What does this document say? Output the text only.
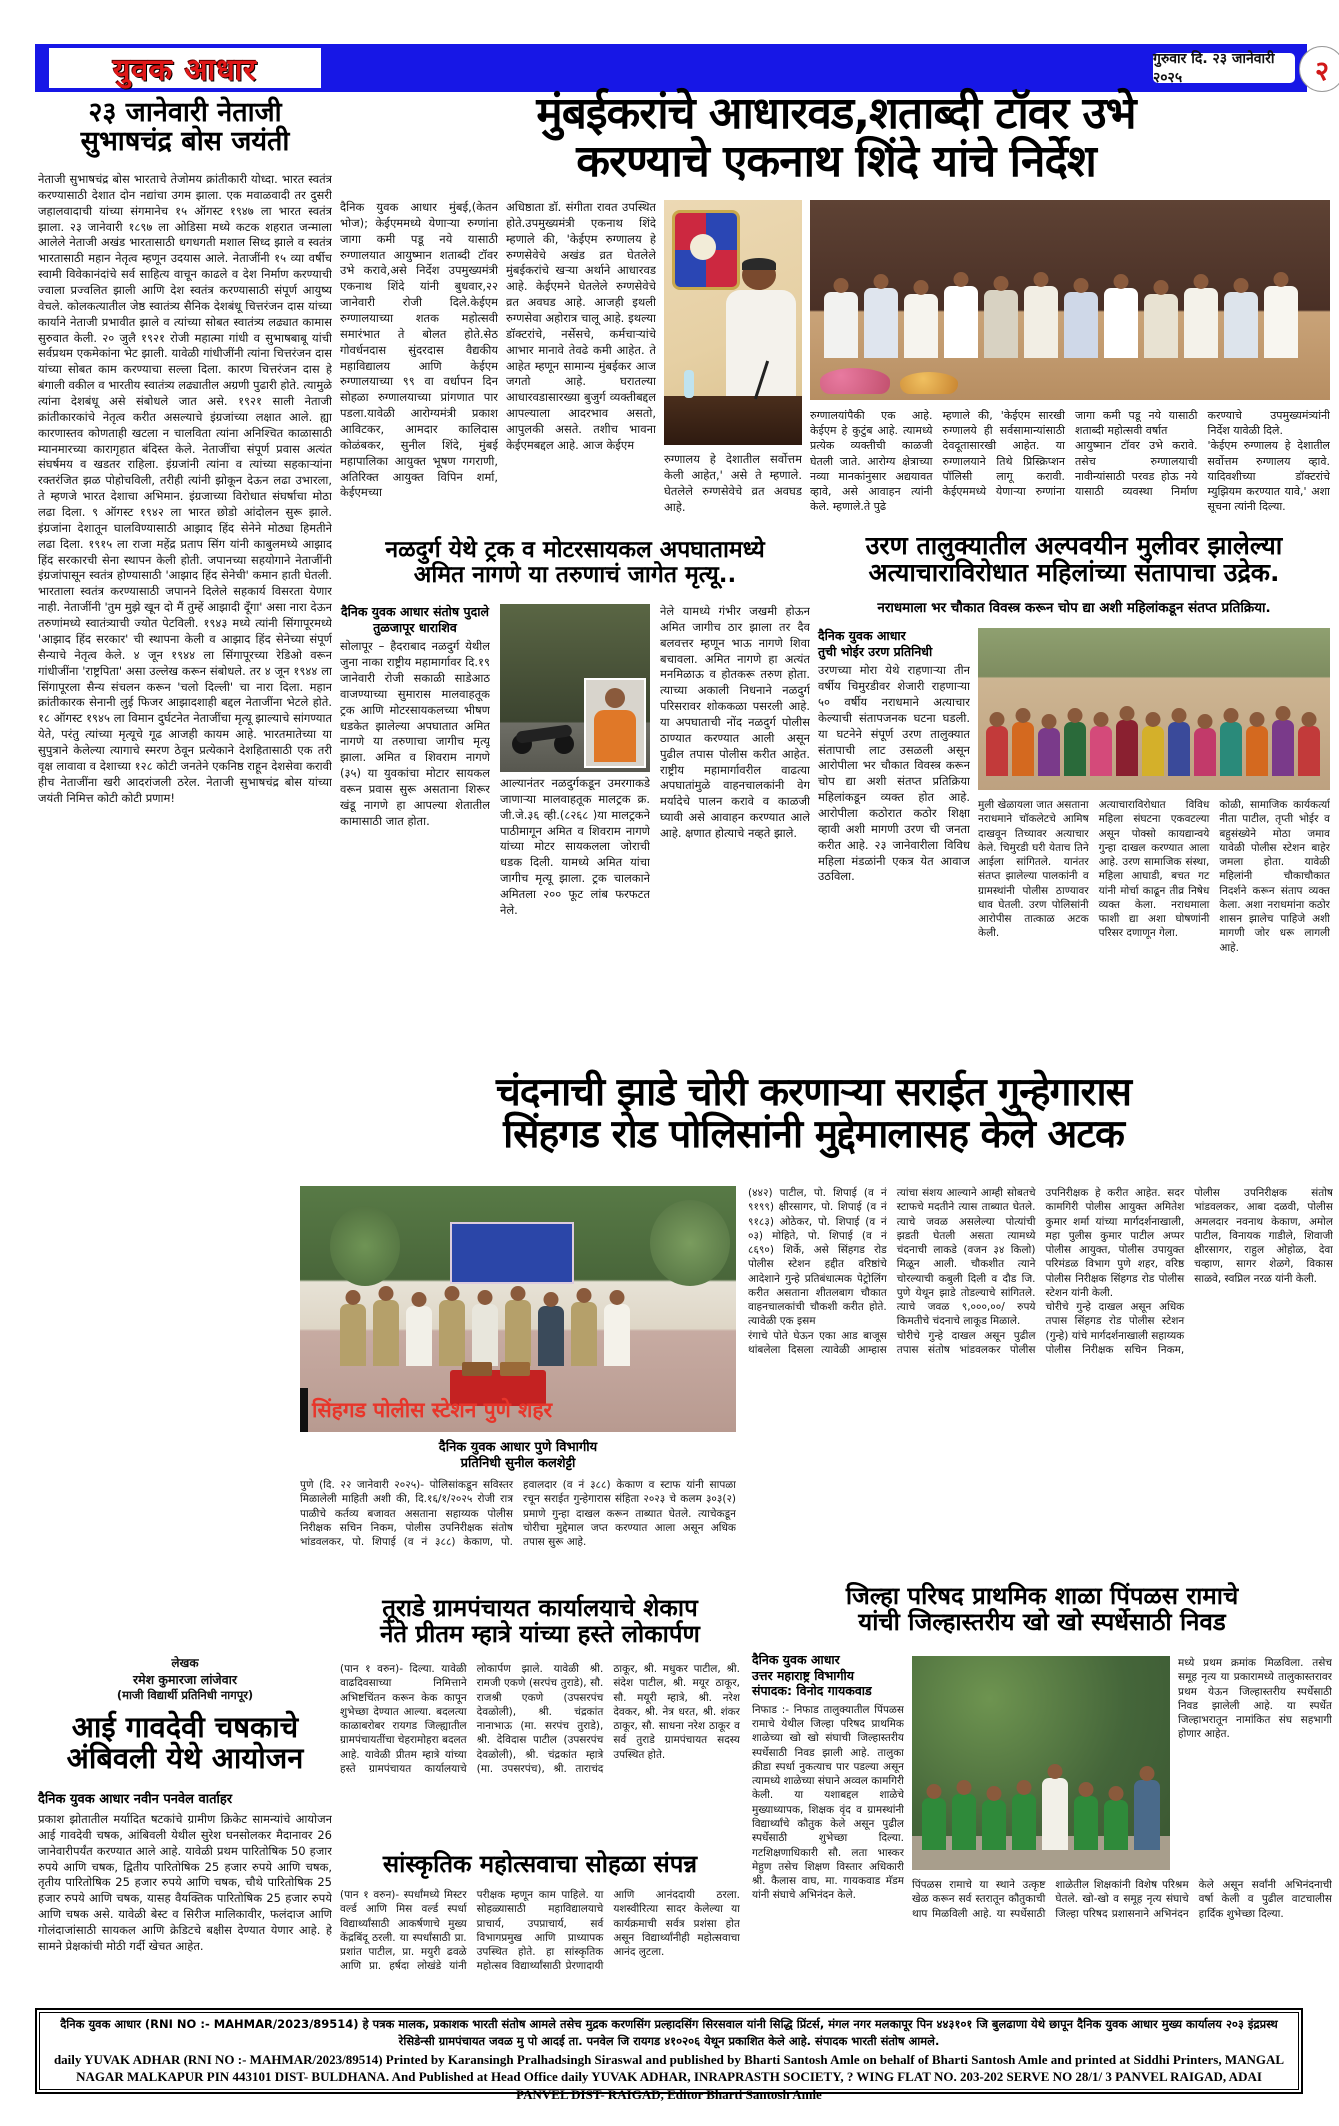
युवक आधार	गुरुवार दि. २३ जानेवारी २०२५	२
२३ जानेवारी नेताजी
सुभाषचंद्र बोस जयंती
नेताजी सुभाषचंद्र बोस भारताचे तेजोमय क्रांतीकारी योध्दा. भारत स्वतंत्र करण्यासाठी देशात दोन नद्यांचा उगम झाला. एक मवाळवादी तर दुसरी जहालवादाची यांच्या संगमानेच १५ ऑगस्ट १९४७ ला भारत स्वतंत्र झाला. २३ जानेवारी १८९७ ला ओडिसा मध्ये कटक शहरात जन्माला आलेले नेताजी अखंड भारतासाठी धगधगती मशाल सिध्द झाले व स्वतंत्र भारतासाठी महान नेतृत्व म्हणून उदयास आले. नेताजींनी १५ व्या वर्षीच स्वामी विवेकानंदांचे सर्व साहित्य वाचून काढले व देश निर्माण करण्याची ज्वाला प्रज्वलित झाली आणि देश स्वतंत्र करण्यासाठी संपूर्ण आयुष्य वेचले. कोलकत्यातील जेष्ठ स्वातंत्र्य सैनिक देशबंधू चित्तरंजन दास यांच्या कार्याने नेताजी प्रभावीत झाले व त्यांच्या सोबत स्वातंत्र्य लढ्यात कामास सुरुवात केली. २० जुलै १९२१ रोजी महात्मा गांधी व सुभाषबाबू यांची सर्वप्रथम एकमेकांना भेट झाली. यावेळी गांधीजींनी त्यांना चित्तरंजन दास यांच्या सोबत काम करण्याचा सल्ला दिला. कारण चित्तरंजन दास हे बंगाली वकील व भारतीय स्वातंत्र्य लढ्यातील अग्रणी पुढारी होते. त्यामुळे त्यांना देशबंधू असे संबोधले जात असे. १९२१ साली नेताजी क्रांतीकारकांचे नेतृत्व करीत असल्याचे इंग्रजांच्या लक्षात आले. ह्या कारणास्तव कोणताही खटला न चालविता त्यांना अनिश्चित काळासाठी म्यानमारच्या कारागृहात बंदिस्त केले. नेताजींचा संपूर्ण प्रवास अत्यंत संघर्षमय व खडतर राहिला. इंग्रजांनी त्यांना व त्यांच्या सहकाऱ्यांना रक्तरंजित झळ पोहोचविली, तरीही त्यांनी झोकून देऊन लढा उभारला, ते म्हणजे भारत देशाचा अभिमान. इंग्रजाच्या विरोधात संघर्षाचा मोठा लढा दिला. ९ ऑगस्ट १९४२ ला भारत छोडो आंदोलन सुरू झाले. इंग्रजांना देशातून घालविण्यासाठी आझाद हिंद सेनेने मोठ्या हिमतीने लढा दिला. १९१५ ला राजा महेंद्र प्रताप सिंग यांनी काबुलमध्ये आझाद हिंद सरकारची सेना स्थापन केली होती. जपानच्या सहयोगाने नेताजींनी इंग्रजांपासून स्वतंत्र होण्यासाठी 'आझाद हिंद सेनेची' कमान हाती घेतली. भारताला स्वतंत्र करण्यासाठी जपानने दिलेले सहकार्य विसरता येणार नाही. नेताजींनी 'तुम मुझे खून दो मैं तुम्हें आझादी दूँगा' असा नारा देऊन तरुणांमध्ये स्वातंत्र्याची ज्योत पेटविली. १९४३ मध्ये त्यांनी सिंगापूरमध्ये 'आझाद हिंद सरकार' ची स्थापना केली व आझाद हिंद सेनेच्या संपूर्ण सैन्याचे नेतृत्व केले. ४ जून १९४४ ला सिंगापूरच्या रेडिओ वरून गांधीजींना 'राष्ट्रपिता' असा उल्लेख करून संबोधले. तर ४ जून १९४४ ला सिंगापूरला सैन्य संचलन करून 'चलो दिल्ली' चा नारा दिला. महान क्रांतीकारक सेनानी लुई फिजर आझादशाही बद्दल नेताजींना भेटले होते. १८ ऑगस्ट १९४५ ला विमान दुर्घटनेत नेताजींचा मृत्यू झाल्याचे सांगण्यात येते, परंतु त्यांच्या मृत्यूचे गूढ आजही कायम आहे. भारतमातेच्या या सुपुत्राने केलेल्या त्यागाचे स्मरण ठेवून प्रत्येकाने देशहितासाठी एक तरी वृक्ष लावावा व देशाच्या १२८ कोटी जनतेने एकनिष्ठ राहून देशसेवा करावी हीच नेताजींना खरी आदरांजली ठरेल. नेताजी सुभाषचंद्र बोस यांच्या जयंती निमित्त कोटी कोटी प्रणाम!
लेखक
रमेश कुमारजा लांजेवार
(माजी विद्यार्थी प्रतिनिधी नागपूर)
आई गावदेवी चषकाचे
अंबिवली येथे आयोजन
दैनिक युवक आधार नवीन पनवेल वार्ताहर
प्रकाश झोतातील मर्यादित षटकांचे ग्रामीण क्रिकेट सामन्यांचे आयोजन आई गावदेवी चषक, आंबिवली येथील सुरेश घनसोलकर मैदानावर 26 जानेवारीपर्यंत करण्यात आले आहे. यावेळी प्रथम पारितोषिक 50 हजार रुपये आणि चषक, द्वितीय पारितोषिक 25 हजार रुपये आणि चषक, तृतीय पारितोषिक 25 हजार रुपये आणि चषक, चौथे पारितोषिक 25 हजार रुपये आणि चषक, यासह वैयक्तिक पारितोषिक 25 हजार रुपये आणि चषक असे. यावेळी बेस्ट व सिरीज मालिकावीर, फलंदाज आणि गोलंदाजांसाठी सायकल आणि क्रेडिटचे बक्षीस देण्यात येणार आहे. हे सामने प्रेक्षकांची मोठी गर्दी खेचत आहेत.
मुंबईकरांचे आधारवड,शताब्दी टॉवर उभे
करण्याचे एकनाथ शिंदे यांचे निर्देश
दैनिक युवक आधार मुंबई,(केतन भोज); केईएममध्ये येणाऱ्या रुग्णांना जागा कमी पडू नये यासाठी रुग्णालयात आयुष्मान शताब्दी टॉवर उभे करावे,असे निर्देश उपमुख्यमंत्री एकनाथ शिंदे यांनी बुधवार,२२ जानेवारी रोजी दिले.केईएम रुग्णालयाच्या शतक महोत्सवी समारंभात ते बोलत होते.सेठ गोवर्धनदास सुंदरदास वैद्यकीय महाविद्यालय आणि केईएम रुग्णालयाच्या ९९ वा वर्धापन दिन सोहळा रुग्णालयाच्या प्रांगणात पार पडला.यावेळी आरोग्यमंत्री प्रकाश आविटकर, आमदार कालिदास कोळंबकर, सुनील शिंदे, मुंबई महापालिका आयुक्त भूषण गगराणी, अतिरिक्त आयुक्त विपिन शर्मा, केईएमच्या
अधिष्ठाता डॉ. संगीता रावत उपस्थित होते.उपमुख्यमंत्री एकनाथ शिंदे म्हणाले की, 'केईएम रुग्णालय हे रुग्णसेवेचे अखंड व्रत घेतलेले मुंबईकरांचे खऱ्या अर्थाने आधारवड आहे. केईएमने घेतलेले रुग्णसेवेचे व्रत अवघड आहे. आजही इथली रुग्णसेवा अहोरात्र चालू आहे. इथल्या डॉक्टरांचे, नर्सेसचे, कर्मचाऱ्यांचे आभार मानावे तेवढे कमी आहेत. ते आहेत म्हणून सामान्य मुंबईकर आज जगतो आहे. घरातल्या आधारवडासारख्या बुजुर्ग व्यक्तीबद्दल आपल्याला आदरभाव असतो, आपुलकी असते. तशीच भावना केईएमबद्दल आहे. आज केईएम
रुग्णालय हे देशातील सर्वोत्तम केली आहेत,' असे ते म्हणाले. घेतलेले रुग्णसेवेचे व्रत अवघड आहे.
रुग्णालयांपैकी एक आहे. केईएम हे कुटुंब आहे. त्यामध्ये प्रत्येक व्यक्तीची काळजी घेतली जाते. आरोग्य क्षेत्राच्या नव्या मानकांनुसार अद्ययावत व्हावे, असे आवाहन त्यांनी केले. म्हणाले.ते पुढे
म्हणाले की, 'केईएम सारखी रुग्णालये ही सर्वसामान्यांसाठी देवदूतासारखी आहेत. या रुग्णालयाने तिथे प्रिस्क्रिप्शन पॉलिसी लागू करावी. केईएममध्ये येणाऱ्या रुग्णांना जागा कमी पडू नये यासाठी शताब्दी महोत्सवी वर्षात
आयुष्मान टॉवर उभे करावे. तसेच रुग्णालयाची नावीन्यांसाठी परवड होऊ नये यासाठी व्यवस्था निर्माण करण्याचे उपमुख्यमंत्र्यांनी निर्देश यावेळी दिले.
'केईएम रुग्णालय हे देशातील सर्वोत्तम रुग्णालय व्हावे. यादिवशीच्या डॉक्टरांचे म्युझियम करण्यात यावे,' अशा सूचना त्यांनी दिल्या.
नळदुर्ग येथे ट्रक व मोटरसायकल अपघातामध्ये
अमित नागणे या तरुणाचं जागेत मृत्यू..
दैनिक युवक आधार संतोष पुदाले
तुळजापूर धाराशिव
सोलापूर – हैदराबाद नळदुर्ग येथील जुना नाका राष्ट्रीय महामार्गावर दि.१९ जानेवारी रोजी सकाळी साडेआठ वाजण्याच्या सुमारास मालवाहतूक ट्रक आणि मोटरसायकलच्या भीषण धडकेत झालेल्या अपघातात अमित नागणे या तरुणाचा जागीच मृत्यू झाला. अमित व शिवराम नागणे (३५) या युवकांचा मोटार सायकल वरून प्रवास सुरू असताना शिरूर खंडू नागणे हा आपल्या शेतातील कामासाठी जात होता.
आल्यानंतर नळदुर्गकडून उमरगाकडे जाणाऱ्या मालवाहतूक मालट्रक क्र. जी.जे.३६ व्ही.(८२६८ )या मालट्रकने पाठीमागून अमित व शिवराम नागणे यांच्या मोटर सायकलला जोराची धडक दिली. यामध्ये अमित यांचा जागीच मृत्यू झाला. ट्रक चालकाने अमितला २०० फूट लांब फरफटत नेले.
नेले यामध्ये गंभीर जखमी होऊन अमित जागीच ठार झाला तर दैव बलवत्तर म्हणून भाऊ नागणे शिवा बचावला. अमित नागणे हा अत्यंत मनमिळाऊ व होतकरू तरुण होता. त्याच्या अकाली निधनाने नळदुर्ग परिसरावर शोककळा पसरली आहे. या अपघाताची नोंद नळदुर्ग पोलीस ठाण्यात करण्यात आली असून पुढील तपास पोलीस करीत आहेत. राष्ट्रीय महामार्गावरील वाढत्या अपघातांमुळे वाहनचालकांनी वेग मर्यादेचे पालन करावे व काळजी घ्यावी असे आवाहन करण्यात आले आहे. क्षणात होत्याचे नव्हते झाले.
उरण तालुक्यातील अल्पवयीन मुलीवर झालेल्या
अत्याचाराविरोधात महिलांच्या संतापाचा उद्रेक.
नराधमाला भर चौकात विवस्त्र करून चोप द्या अशी महिलांकडून संतप्त प्रतिक्रिया.
दैनिक युवक आधार
तुची भोईर उरण प्रतिनिधी
उरणच्या मोरा येथे राहणाऱ्या तीन वर्षीय चिमुरडीवर शेजारी राहणाऱ्या ५० वर्षीय नराधमाने अत्याचार केल्याची संतापजनक घटना घडली. या घटनेने संपूर्ण उरण तालुक्यात संतापाची लाट उसळली असून आरोपीला भर चौकात विवस्त्र करून चोप द्या अशी संतप्त प्रतिक्रिया महिलांकडून व्यक्त होत आहे. आरोपीला कठोरात कठोर शिक्षा व्हावी अशी मागणी उरण ची जनता करीत आहे. २३ जानेवारीला विविध महिला मंडळांनी एकत्र येत आवाज उठविला.
मुली खेळायला जात असताना नराधमाने चॉकलेटचे आमिष दाखवून तिच्यावर अत्याचार केले. चिमुरडी घरी येताच तिने आईला सांगितले. यानंतर संतप्त झालेल्या पालकांनी व ग्रामस्थांनी पोलीस ठाण्यावर धाव घेतली. उरण पोलिसांनी आरोपीस तात्काळ अटक केली.
अत्याचाराविरोधात विविध महिला संघटना एकवटल्या असून पोक्सो कायद्यान्वये गुन्हा दाखल करण्यात आला आहे. उरण सामाजिक संस्था, महिला आघाडी, बचत गट यांनी मोर्चा काढून तीव्र निषेध व्यक्त केला. नराधमाला फाशी द्या अशा घोषणांनी परिसर दणाणून गेला.
कोळी, सामाजिक कार्यकर्त्या नीता पाटील, तृप्ती भोईर व बहुसंख्येने मोठा जमाव यावेळी पोलीस स्टेशन बाहेर जमला होता. यावेळी महिलांनी चौकाचौकात निदर्शने करून संताप व्यक्त केला. अशा नराधमांना कठोर शासन झालेच पाहिजे अशी मागणी जोर धरू लागली आहे.
चंदनाची झाडे चोरी करणाऱ्या सराईत गुन्हेगारास
सिंहगड रोड पोलिसांनी मुद्देमालासह केले अटक
सिंहगड पोलीस स्टेशन पुणे शहर
दैनिक युवक आधार पुणे विभागीय
प्रतिनिधी सुनील कलशेट्टी
पुणे (दि. २२ जानेवारी २०२५)- पोलिसांकडून सविस्तर मिळालेली माहिती अशी की, दि.१६/१/२०२५ रोजी रात्र पाळीचे कर्तव्य बजावत असताना सहाय्यक पोलीस निरीक्षक सचिन निकम, पोलीस उपनिरीक्षक संतोष भांडवलकर, पो. शिपाई (व नं ३८८) केकाण, पो. हवालदार (व नं ३८८) केकाण व स्टाफ यांनी सापळा रचून सराईत गुन्हेगारास संहिता २०२३ चे कलम ३०३(२) प्रमाणे गुन्हा दाखल करून ताब्यात घेतले. त्याचेकडून चोरीचा मुद्देमाल जप्त करण्यात आला असून अधिक तपास सुरू आहे.
(४४२) पाटील, पो. शिपाई (व नं ९१९९) क्षीरसागर, पो. शिपाई (व नं ९१८३) ओठेकर, पो. शिपाई (व नं ०३) मोहिते, पो. शिपाई (व नं ८६९०) शिर्के, असे सिंहगड रोड पोलीस स्टेशन हद्दीत वरिष्ठांचे आदेशाने गुन्हे प्रतिबंधात्मक पेट्रोलिंग करीत असताना शीतलबाग चौकात वाहनचालकांची चौकशी करीत होते. त्यावेळी एक इसम
रंगाचे पोते घेऊन एका आड बाजूस थांबलेला दिसला त्यावेळी आम्हास त्यांचा संशय आल्याने आम्ही सोबतचे स्टाफचे मदतीने त्यास ताब्यात घेतले. त्याचे जवळ असलेल्या पोत्यांची झडती घेतली असता त्यामध्ये चंदनाची लाकडे (वजन ३४ किलो) मिळून आली. चौकशीत त्याने चोरल्याची कबुली दिली व दौड जि. पुणे येथून झाडे तोडल्याचे सांगितले. त्याचे जवळ ९,०००,००/ रुपये किमतीचे चंदनाचे लाकूड मिळाले.
चोरीचे गुन्हे दाखल असून पुढील तपास संतोष भांडवलकर पोलीस उपनिरीक्षक हे करीत आहेत. सदर कामगिरी पोलीस आयुक्त अमितेश कुमार शर्मा यांच्या मार्गदर्शनाखाली, महा पुलीस कुमार पाटील अप्पर पोलीस आयुक्त, पोलीस उपायुक्त परिमंडळ विभाग पुणे शहर, वरिष्ठ पोलीस निरीक्षक सिंहगड रोड पोलीस स्टेशन यांनी केली.
चोरीचे गुन्हे दाखल असून अधिक तपास सिंहगड रोड पोलीस स्टेशन (गुन्हे) यांचे मार्गदर्शनाखाली सहाय्यक पोलीस निरीक्षक सचिन निकम, पोलीस उपनिरीक्षक संतोष भांडवलकर, आबा दळवी, पोलीस अमलदार नवनाथ केकाण, अमोल पाटील, विनायक गाडीले, शिवाजी क्षीरसागर, राहुल ओहोळ, देवा चव्हाण, सागर शेळगे, विकास साळवे, स्वप्निल नरळ यांनी केली.
तूराडे ग्रामपंचायत कार्यालयाचे शेकाप
नेते प्रीतम म्हात्रे यांच्या हस्ते लोकार्पण
(पान १ वरुन)- दिल्या. यावेळी वाढदिवसाच्या निमित्ताने अभिष्टचिंतन करून केक कापून शुभेच्छा देण्यात आल्या. बदलत्या काळाबरोबर रायगड जिल्ह्यातील ग्रामपंचायतींचा चेहरामोहरा बदलत आहे. यावेळी प्रीतम म्हात्रे यांच्या हस्ते ग्रामपंचायत कार्यालयाचे लोकार्पण झाले. यावेळी श्री. रामजी एकणे (सरपंच तुराडे), सौ. राजश्री एकणे (उपसरपंच देवळोली), श्री. चंद्रकांत नानाभाऊ (मा. सरपंच तुराडे), श्री. देविदास पाटील (उपसरपंच देवळोली), श्री. चंद्रकांत म्हात्रे (मा. उपसरपंच), श्री. ताराचंद ठाकूर, श्री. मधुकर पाटील, श्री. संदेश पाटील, श्री. मयूर ठाकूर, सौ. मयूरी म्हात्रे, श्री. नरेश देवकर, श्री. नेत्र धरत, श्री. शंकर ठाकूर, सौ. साधना नरेश ठाकूर व सर्व तुराडे ग्रामपंचायत सदस्य उपस्थित होते.
सांस्कृतिक महोत्सवाचा सोहळा संपन्न
(पान १ वरुन)- स्पर्धांमध्ये मिस्टर वर्ल्ड आणि मिस वर्ल्ड स्पर्धा विद्यार्थ्यांसाठी आकर्षणाचे मुख्य केंद्रबिंदू ठरली. या स्पर्धांसाठी प्रा. प्रशांत पाटील, प्रा. मयुरी ढवळे आणि प्रा. हर्षदा लोखंडे यांनी परीक्षक म्हणून काम पाहिले. या सोहळ्यासाठी महाविद्यालयाचे प्राचार्य, उपप्राचार्य, सर्व विभागप्रमुख आणि प्राध्यापक उपस्थित होते. हा सांस्कृतिक महोत्सव विद्यार्थ्यांसाठी प्रेरणादायी आणि आनंददायी ठरला. यशस्वीरित्या सादर केलेल्या या कार्यक्रमाची सर्वत्र प्रशंसा होत असून विद्यार्थ्यांनीही महोत्सवाचा आनंद लुटला.
जिल्हा परिषद प्राथमिक शाळा पिंपळस रामाचे
यांची जिल्हास्तरीय खो खो स्पर्धेसाठी निवड
दैनिक युवक आधार
उत्तर महाराष्ट्र विभागीय
संपादक: विनोद गायकवाड
निफाड :- निफाड तालुक्यातील पिंपळस रामाचे येथील जिल्हा परिषद प्राथमिक शाळेच्या खो खो संघाची जिल्हास्तरीय स्पर्धेसाठी निवड झाली आहे. तालुका क्रीडा स्पर्धा नुकत्याच पार पडल्या असून त्यामध्ये शाळेच्या संघाने अव्वल कामगिरी केली. या यशाबद्दल शाळेचे मुख्याध्यापक, शिक्षक वृंद व ग्रामस्थांनी विद्यार्थ्यांचे कौतुक केले असून पुढील स्पर्धेसाठी शुभेच्छा दिल्या. गटशिक्षणाधिकारी सौ. लता भास्कर मेहुण तसेच शिक्षण विस्तार अधिकारी श्री. कैलास वाघ, मा. गायकवाड मॅडम यांनी संघाचे अभिनंदन केले.
मध्ये प्रथम क्रमांक मिळविला. तसेच समूह नृत्य या प्रकारामध्ये तालुकास्तरावर प्रथम येऊन जिल्हास्तरीय स्पर्धेसाठी निवड झालेली आहे. या स्पर्धेत जिल्हाभरातून नामांकित संघ सहभागी होणार आहेत.
पिंपळस रामाचे या स्थाने उत्कृष्ट खेळ करून सर्व स्तरातून कौतुकाची थाप मिळविली आहे. या स्पर्धेसाठी शाळेतील शिक्षकांनी विशेष परिश्रम घेतले. खो-खो व समूह नृत्य संघाचे जिल्हा परिषद प्रशासनाने अभिनंदन केले असून सर्वांनी अभिनंदनाची वर्षा केली व पुढील वाटचालीस हार्दिक शुभेच्छा दिल्या.

दैनिक युवक आधार (RNI NO :- MAHMAR/2023/89514) हे पत्रक मालक, प्रकाशक भारती संतोष आमले तसेच मुद्रक करणसिंग प्रल्हादसिंग सिरसवाल यांनी सिद्धि प्रिंटर्स, मंगल नगर मलकापूर पिन ४४३१०१ जि बुलढाणा येथे छापून दैनिक युवक आधार मुख्य कार्यालय २०३ इंद्रप्रस्थ रेसिडेन्सी ग्रामपंचायत जवळ मु पो आदई ता. पनवेल जि रायगड ४१०२०६ येथून प्रकाशित केले आहे. संपादक भारती संतोष आमले.

daily YUVAK ADHAR (RNI NO :- MAHMAR/2023/89514) Printed by Karansingh Pralhadsingh Siraswal and published by Bharti Santosh Amle on behalf of Bharti Santosh Amle and printed at Siddhi Printers, MANGAL NAGAR MALKAPUR PIN 443101 DIST- BULDHANA. And Published at Head Office daily YUVAK ADHAR, INRAPRASTH SOCIETY, ? WING FLAT NO. 203-202 SERVE NO 28/1/ 3 PANVEL RAIGAD, ADAI PANVEL DIST- RAIGAD, Editor Bharti Santosh Amle
